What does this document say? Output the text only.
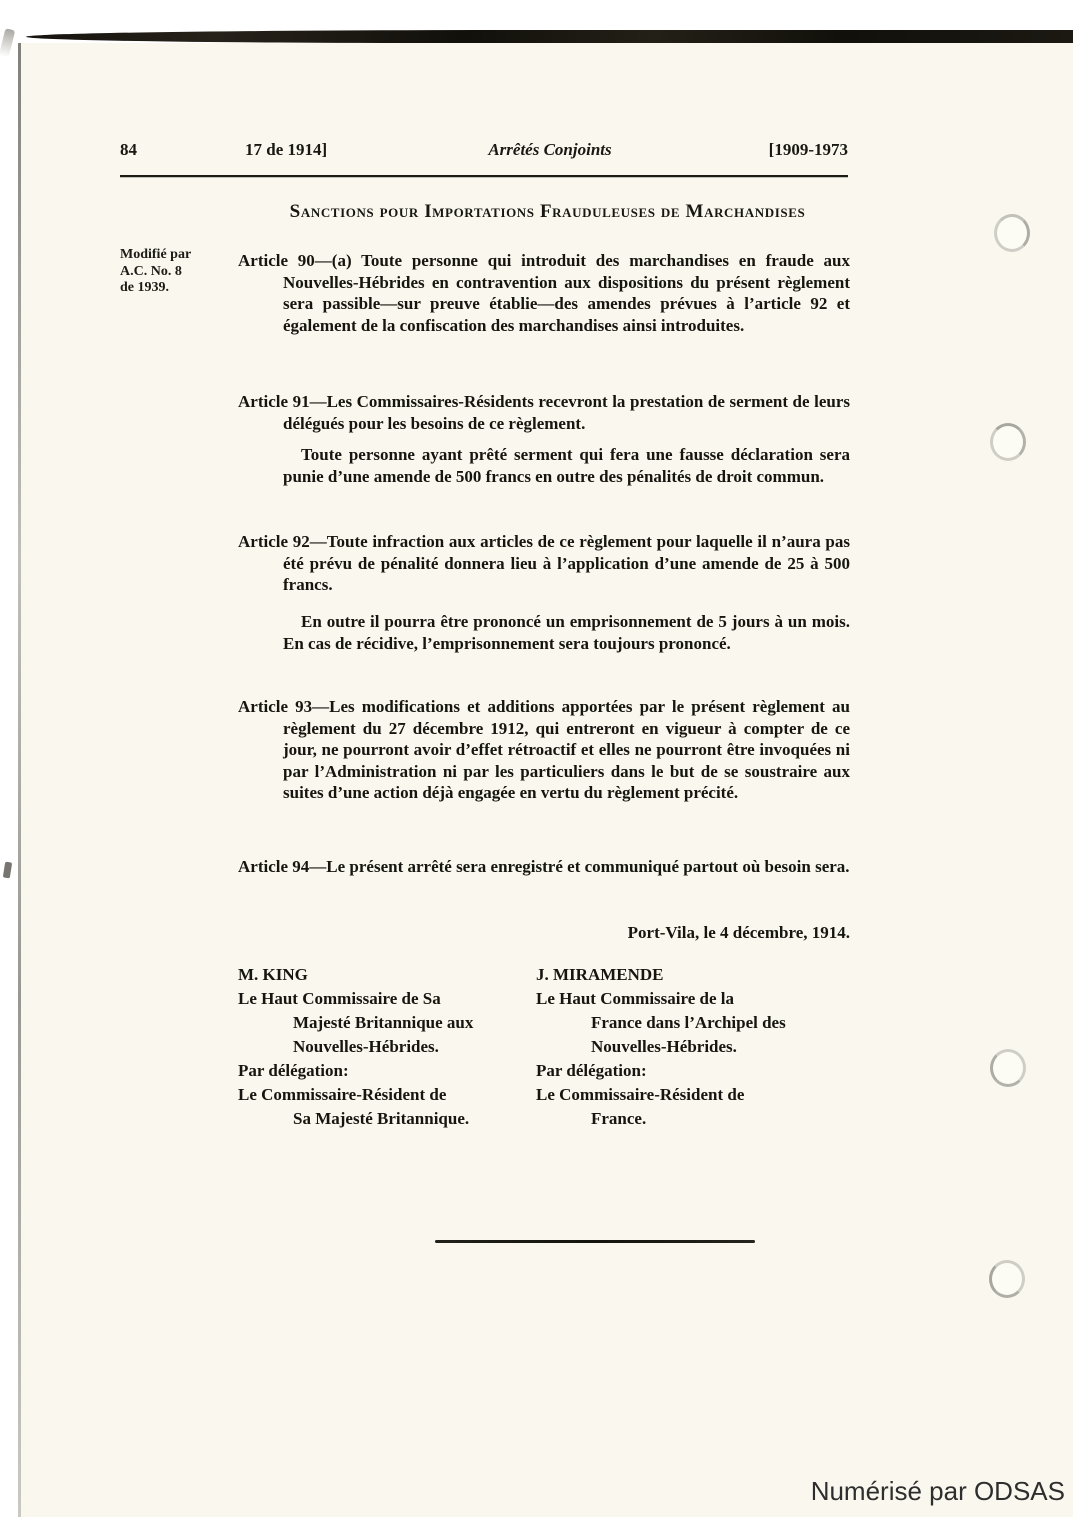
84	17 de 1914]	Arrêtés Conjoints	[1909-1973
Sanctions pour Importations Frauduleuses de Marchandises
Modifié par
A.C. No. 8
de 1939.
Article 90—(a) Toute personne qui introduit des marchandises en fraude aux Nouvelles-Hébrides en contravention aux dispositions du présent règlement sera passible—sur preuve établie—des amendes prévues à l’article 92 et également de la confiscation des marchandises ainsi introduites.
Article 91—Les Commissaires-Résidents recevront la prestation de serment de leurs délégués pour les besoins de ce règlement.
Toute personne ayant prêté serment qui fera une fausse déclaration sera punie d’une amende de 500 francs en outre des pénalités de droit commun.
Article 92—Toute infraction aux articles de ce règlement pour laquelle il n’aura pas été prévu de pénalité donnera lieu à l’application d’une amende de 25 à 500 francs.
En outre il pourra être prononcé un emprisonnement de 5 jours à un mois. En cas de récidive, l’emprisonnement sera toujours prononcé.
Article 93—Les modifications et additions apportées par le présent règlement au règlement du 27 décembre 1912, qui entreront en vigueur à compter de ce jour, ne pourront avoir d’effet rétroactif et elles ne pourront être invoquées ni par l’Administration ni par les particuliers dans le but de se soustraire aux suites d’une action déjà engagée en vertu du règlement précité.
Article 94—Le présent arrêté sera enregistré et communiqué partout où besoin sera.
Port-Vila, le 4 décembre, 1914.
M. KING
Le Haut Commissaire de Sa
Majesté Britannique aux
Nouvelles-Hébrides.
Par délégation:
Le Commissaire-Résident de
Sa Majesté Britannique.
J. MIRAMENDE
Le Haut Commissaire de la
France dans l’Archipel des
Nouvelles-Hébrides.
Par délégation:
Le Commissaire-Résident de
France.
Numérisé par ODSAS
